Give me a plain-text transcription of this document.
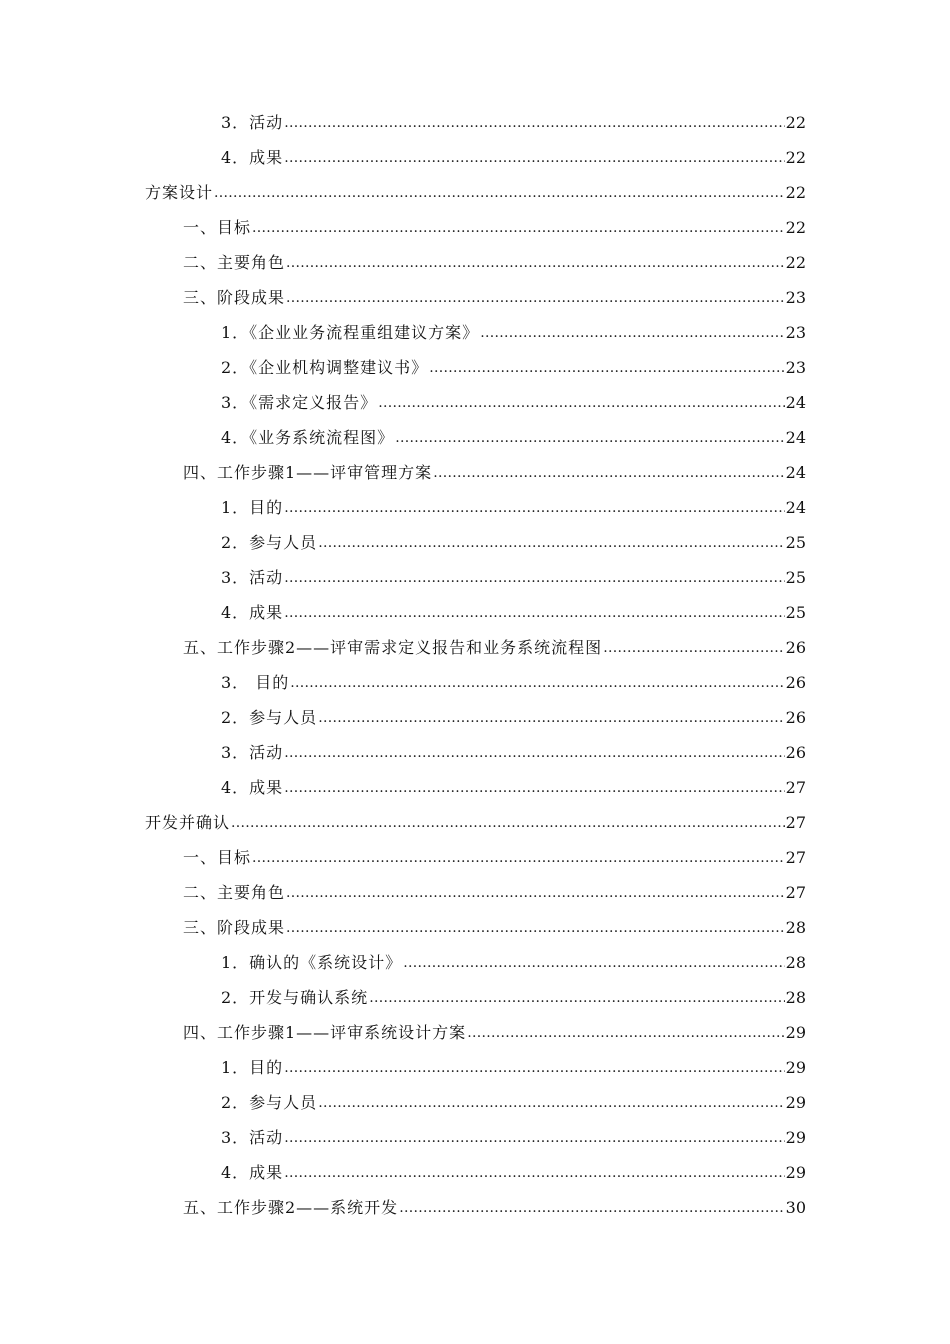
3．活动 .....	22
4．成果 .....	22
方案设计 .....	22
一、目标 .....	22
二、主要角色 .....	22
三、阶段成果 .....	23
1．《企业业务流程重组建议方案》 .....	23
2．《企业机构调整建议书》 .....	23
3．《需求定义报告》 .....	24
4．《业务系统流程图》 .....	24
四、工作步骤1——评审管理方案 .....	24
1．目的 .....	24
2．参与人员 .....	25
3．活动 .....	25
4．成果 .....	25
五、工作步骤2——评审需求定义报告和业务系统流程图 .....	26
3． 目的 .....	26
2．参与人员 .....	26
3．活动 .....	26
4．成果 .....	27
开发并确认 .....	27
一、目标 .....	27
二、主要角色 .....	27
三、阶段成果 .....	28
1．确认的《系统设计》 .....	28
2．开发与确认系统 .....	28
四、工作步骤1——评审系统设计方案 .....	29
1．目的 .....	29
2．参与人员 .....	29
3．活动 .....	29
4．成果 .....	29
五、工作步骤2——系统开发 .....	30
